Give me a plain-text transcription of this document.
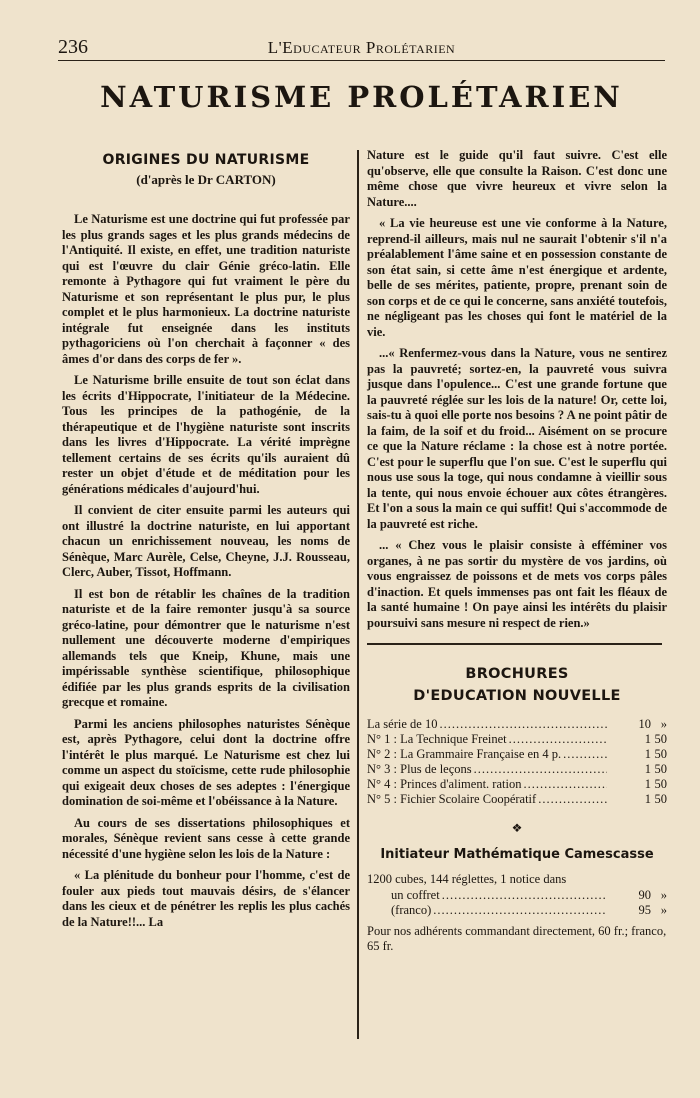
236	L'Educateur Prolétarien
NATURISME PROLÉTARIEN
ORIGINES DU NATURISME
(d'après le Dr CARTON)

Le Naturisme est une doctrine qui fut professée par les plus grands sages et les plus grands médecins de l'Antiquité. Il existe, en effet, une tradition naturiste qui est l'œuvre du clair Génie gréco-latin. Elle remonte à Pythagore qui fut vraiment le père du Naturisme et son représentant le plus pur, le plus complet et le plus harmonieux. La doctrine naturiste intégrale fut enseignée dans les instituts pythagoriciens où l'on cherchait à façonner « des âmes d'or dans des corps de fer ».

Le Naturisme brille ensuite de tout son éclat dans les écrits d'Hippocrate, l'initiateur de la Médecine. Tous les principes de la pathogénie, de la thérapeutique et de l'hygiène naturiste sont inscrits dans les livres d'Hippocrate. La vérité imprègne tellement certains de ses écrits qu'ils auraient dû rester un objet d'étude et de méditation pour les générations médicales d'aujourd'hui.

Il convient de citer ensuite parmi les auteurs qui ont illustré la doctrine naturiste, en lui apportant chacun un enrichissement nouveau, les noms de Sénèque, Marc Aurèle, Celse, Cheyne, J.J. Rousseau, Clerc, Auber, Tissot, Hoffmann.

Il est bon de rétablir les chaînes de la tradition naturiste et de la faire remonter jusqu'à sa source gréco-latine, pour démontrer que le naturisme n'est nullement une découverte moderne d'empiriques allemands tels que Kneip, Khune, mais une impérissable synthèse scientifique, philosophique édifiée par les plus grands esprits de la civilisation grecque et romaine.

Parmi les anciens philosophes naturistes Sénèque est, après Pythagore, celui dont la doctrine offre l'intérêt le plus marqué. Le Naturisme est chez lui comme un aspect du stoïcisme, cette rude philosophie qui exigeait deux choses de ses adeptes : l'énergique domination de soi-même et l'obéissance à la Nature.

Au cours de ses dissertations philosophiques et morales, Sénèque revient sans cesse à cette grande nécessité d'une hygiène selon les lois de la Nature :

« La plénitude du bonheur pour l'homme, c'est de fouler aux pieds tout mauvais désirs, de s'élancer dans les cieux et de pénétrer les replis les plus cachés de la Nature!!... La

Nature est le guide qu'il faut suivre. C'est elle qu'observe, elle que consulte la Raison. C'est donc une même chose que vivre heureux et vivre selon la Nature....

« La vie heureuse est une vie conforme à la Nature, reprend-il ailleurs, mais nul ne saurait l'obtenir s'il n'a préalablement l'âme saine et en possession constante de son état sain, si cette âme n'est énergique et ardente, belle de ses mérites, patiente, propre, prenant soin de son corps et de ce qui le concerne, sans anxiété toutefois, ne négligeant pas les choses qui font le matériel de la vie.

...« Renfermez-vous dans la Nature, vous ne sentirez pas la pauvreté; sortez-en, la pauvreté vous suivra jusque dans l'opulence... C'est une grande fortune que la pauvreté réglée sur les lois de la nature! Or, cette loi, sais-tu à quoi elle porte nos besoins ? A ne point pâtir de la faim, de la soif et du froid... Aisément on se procure ce que la Nature réclame : la chose est à notre portée. C'est pour le superflu que l'on sue. C'est le superflu qui nous use sous la toge, qui nous condamne à vieillir sous la tente, qui nous envoie échouer aux côtes étrangères. Et l'on a sous la main ce qui suffit! Qui s'accommode de la pauvreté est riche.

... « Chez vous le plaisir consiste à efféminer vos organes, à ne pas sortir du mystère de vos jardins, où vous engraissez de poissons et de mets vos corps pâles d'inaction. Et quels immenses pas ont fait les fléaux de la santé humaine ! On paye ainsi les intérêts du plaisir poursuivi sans mesure ni respect de rien.»

BROCHURES
D'EDUCATION NOUVELLE
La série de 10 .....	10 »
N° 1 : La Technique Freinet .....	1 50
N° 2 : La Grammaire Française en 4 p. .....	1 50
N° 3 : Plus de leçons .....	1 50
N° 4 : Princes d'aliment. ration .....	1 50
N° 5 : Fichier Scolaire Coopératif .....	1 50
❖
Initiateur Mathématique Camescasse
1200 cubes, 144 réglettes, 1 notice dans
un coffret .....	90 »
(franco) .....	95 »
Pour nos adhérents commandant directement, 60 fr.; franco, 65 fr.
